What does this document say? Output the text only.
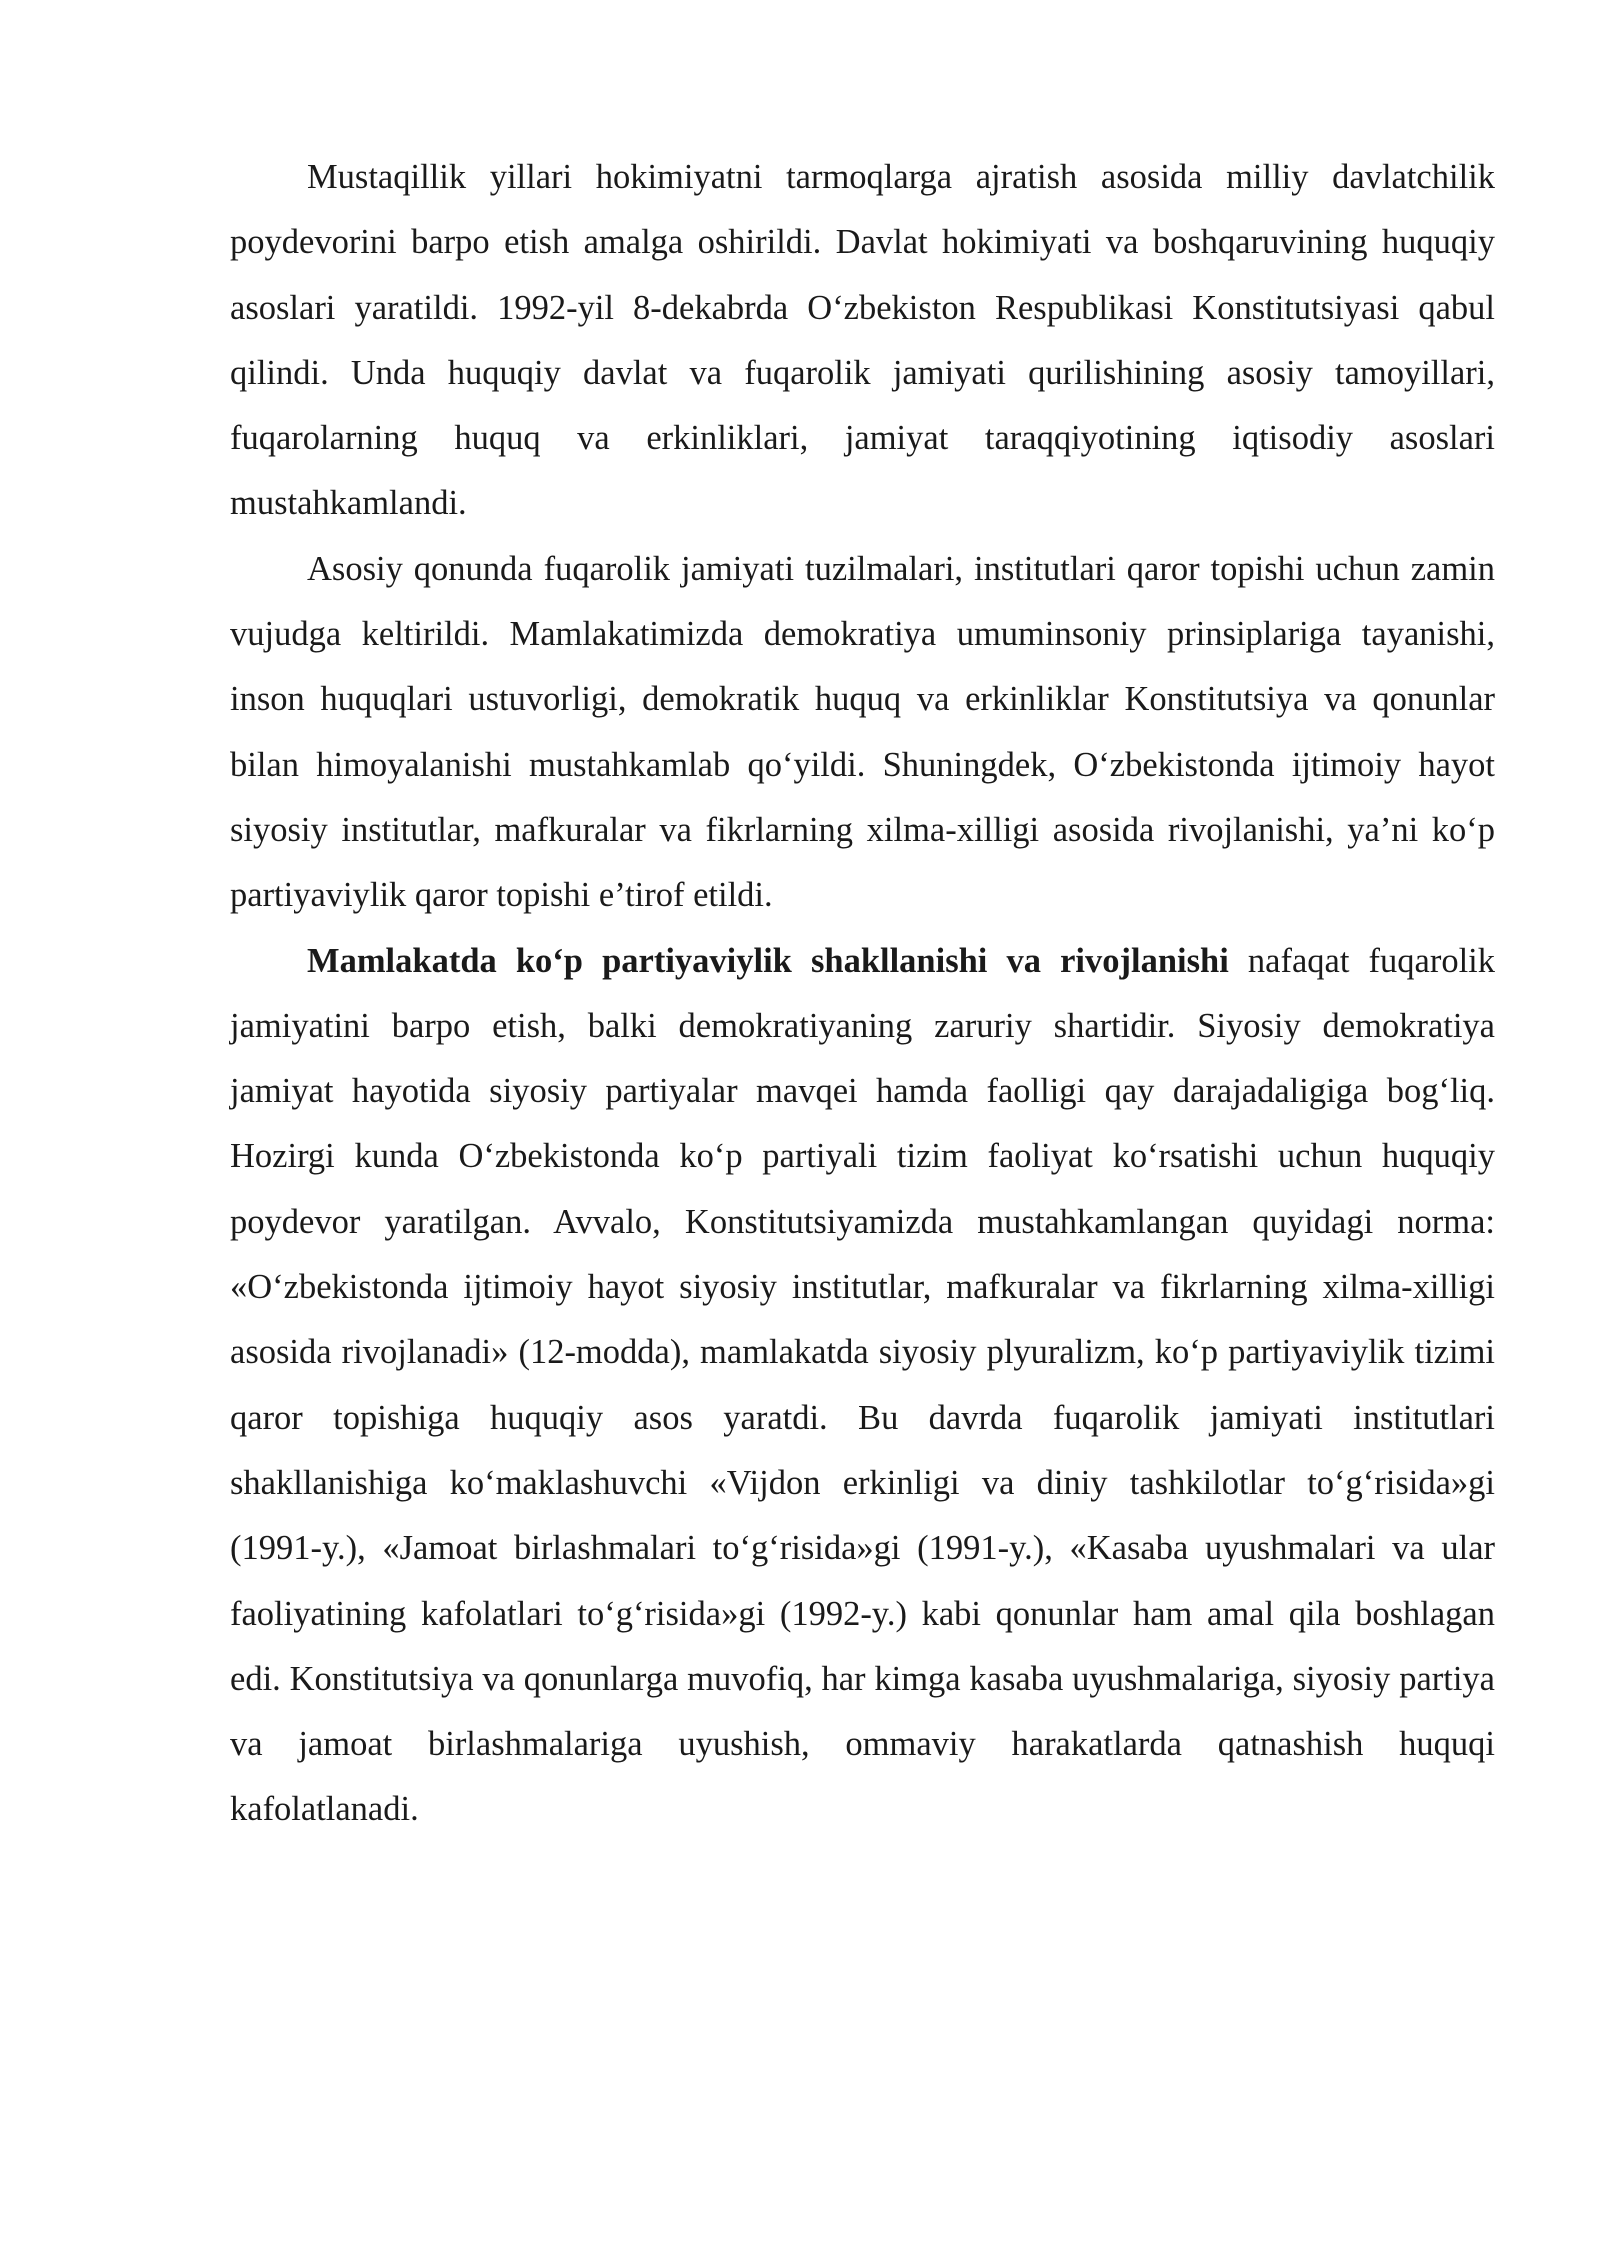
Mustaqillik yillari hokimiyatni tarmoqlarga ajratish asosida milliy davlatchilik poydevorini barpo etish amalga oshirildi. Davlat hokimiyati va boshqaruvining huquqiy asoslari yaratildi. 1992-yil 8-dekabrda O‘zbekiston Respublikasi Konstitutsiyasi qabul qilindi. Unda huquqiy davlat va fuqarolik jamiyati qurilishining asosiy tamoyillari, fuqarolarning huquq va erkinliklari, jamiyat taraqqiyotining iqtisodiy asoslari mustahkamlandi.

Asosiy qonunda fuqarolik jamiyati tuzilmalari, institutlari qaror topishi uchun zamin vujudga keltirildi. Mamlakatimizda demokratiya umuminsoniy prinsiplariga tayanishi, inson huquqlari ustuvorligi, demokratik huquq va erkinliklar Konstitutsiya va qonunlar bilan himoyalanishi mustahkamlab qo‘yildi. Shuningdek, O‘zbekistonda ijtimoiy hayot siyosiy institutlar, mafkuralar va fikrlarning xilma-xilligi asosida rivojlanishi, ya’ni ko‘p partiyaviylik qaror topishi e’tirof etildi.

Mamlakatda ko‘p partiyaviylik shakllanishi va rivojlanishi nafaqat fuqarolik jamiyatini barpo etish, balki demokratiyaning zaruriy shartidir. Siyosiy demokratiya jamiyat hayotida siyosiy partiyalar mavqei hamda faolligi qay darajadaligiga bog‘liq. Hozirgi kunda O‘zbekistonda ko‘p partiyali tizim faoliyat ko‘rsatishi uchun huquqiy poydevor yaratilgan. Avvalo, Konstitutsiyamizda mustahkamlangan quyidagi norma: «O‘zbekistonda ijtimoiy hayot siyosiy institutlar, mafkuralar va fikrlarning xilma-xilligi asosida rivojlanadi» (12-modda), mamlakatda siyosiy plyuralizm, ko‘p partiyaviylik tizimi qaror topishiga huquqiy asos yaratdi. Bu davrda fuqarolik jamiyati institutlari shakllanishiga ko‘maklashuvchi «Vijdon erkinligi va diniy tashkilotlar to‘g‘risida»gi (1991-y.), «Jamoat birlashmalari to‘g‘risida»gi (1991-y.), «Kasaba uyushmalari va ular faoliyatining kafolatlari to‘g‘risida»gi (1992-y.) kabi qonunlar ham amal qila boshlagan edi. Konstitutsiya va qonunlarga muvofiq, har kimga kasaba uyushmalariga, siyosiy partiya va jamoat birlashmalariga uyushish, ommaviy harakatlarda qatnashish huquqi kafolatlanadi.
